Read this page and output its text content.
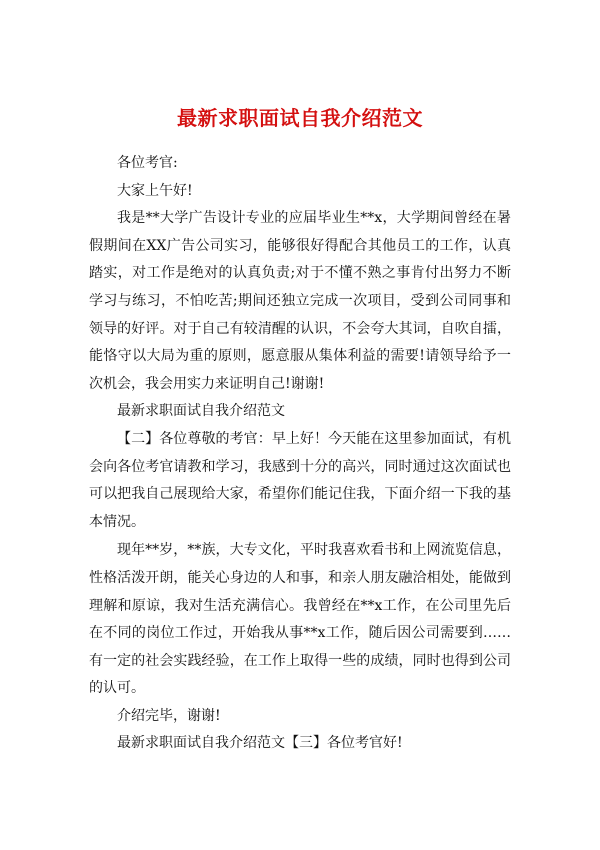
最新求职面试自我介绍范文

各位考官:

大家上午好!

我是**大学广告设计专业的应届毕业生**x，大学期间曾经在暑假期间在XX广告公司实习，能够很好得配合其他员工的工作，认真踏实，对工作是绝对的认真负责;对于不懂不熟之事肯付出努力不断学习与练习，不怕吃苦;期间还独立完成一次项目，受到公司同事和领导的好评。对于自己有较清醒的认识，不会夸大其词，自吹自擂，能恪守以大局为重的原则，愿意服从集体利益的需要!请领导给予一次机会，我会用实力来证明自己!谢谢!

最新求职面试自我介绍范文

【二】各位尊敬的考官：早上好！今天能在这里参加面试，有机会向各位考官请教和学习，我感到十分的高兴，同时通过这次面试也可以把我自己展现给大家，希望你们能记住我，下面介绍一下我的基本情况。

现年**岁，**族，大专文化，平时我喜欢看书和上网流览信息，性格活泼开朗，能关心身边的人和事，和亲人朋友融洽相处，能做到理解和原谅，我对生活充满信心。我曾经在**x工作，在公司里先后在不同的岗位工作过，开始我从事**x工作，随后因公司需要到……有一定的社会实践经验，在工作上取得一些的成绩，同时也得到公司的认可。

介绍完毕，谢谢!

最新求职面试自我介绍范文【三】各位考官好!
